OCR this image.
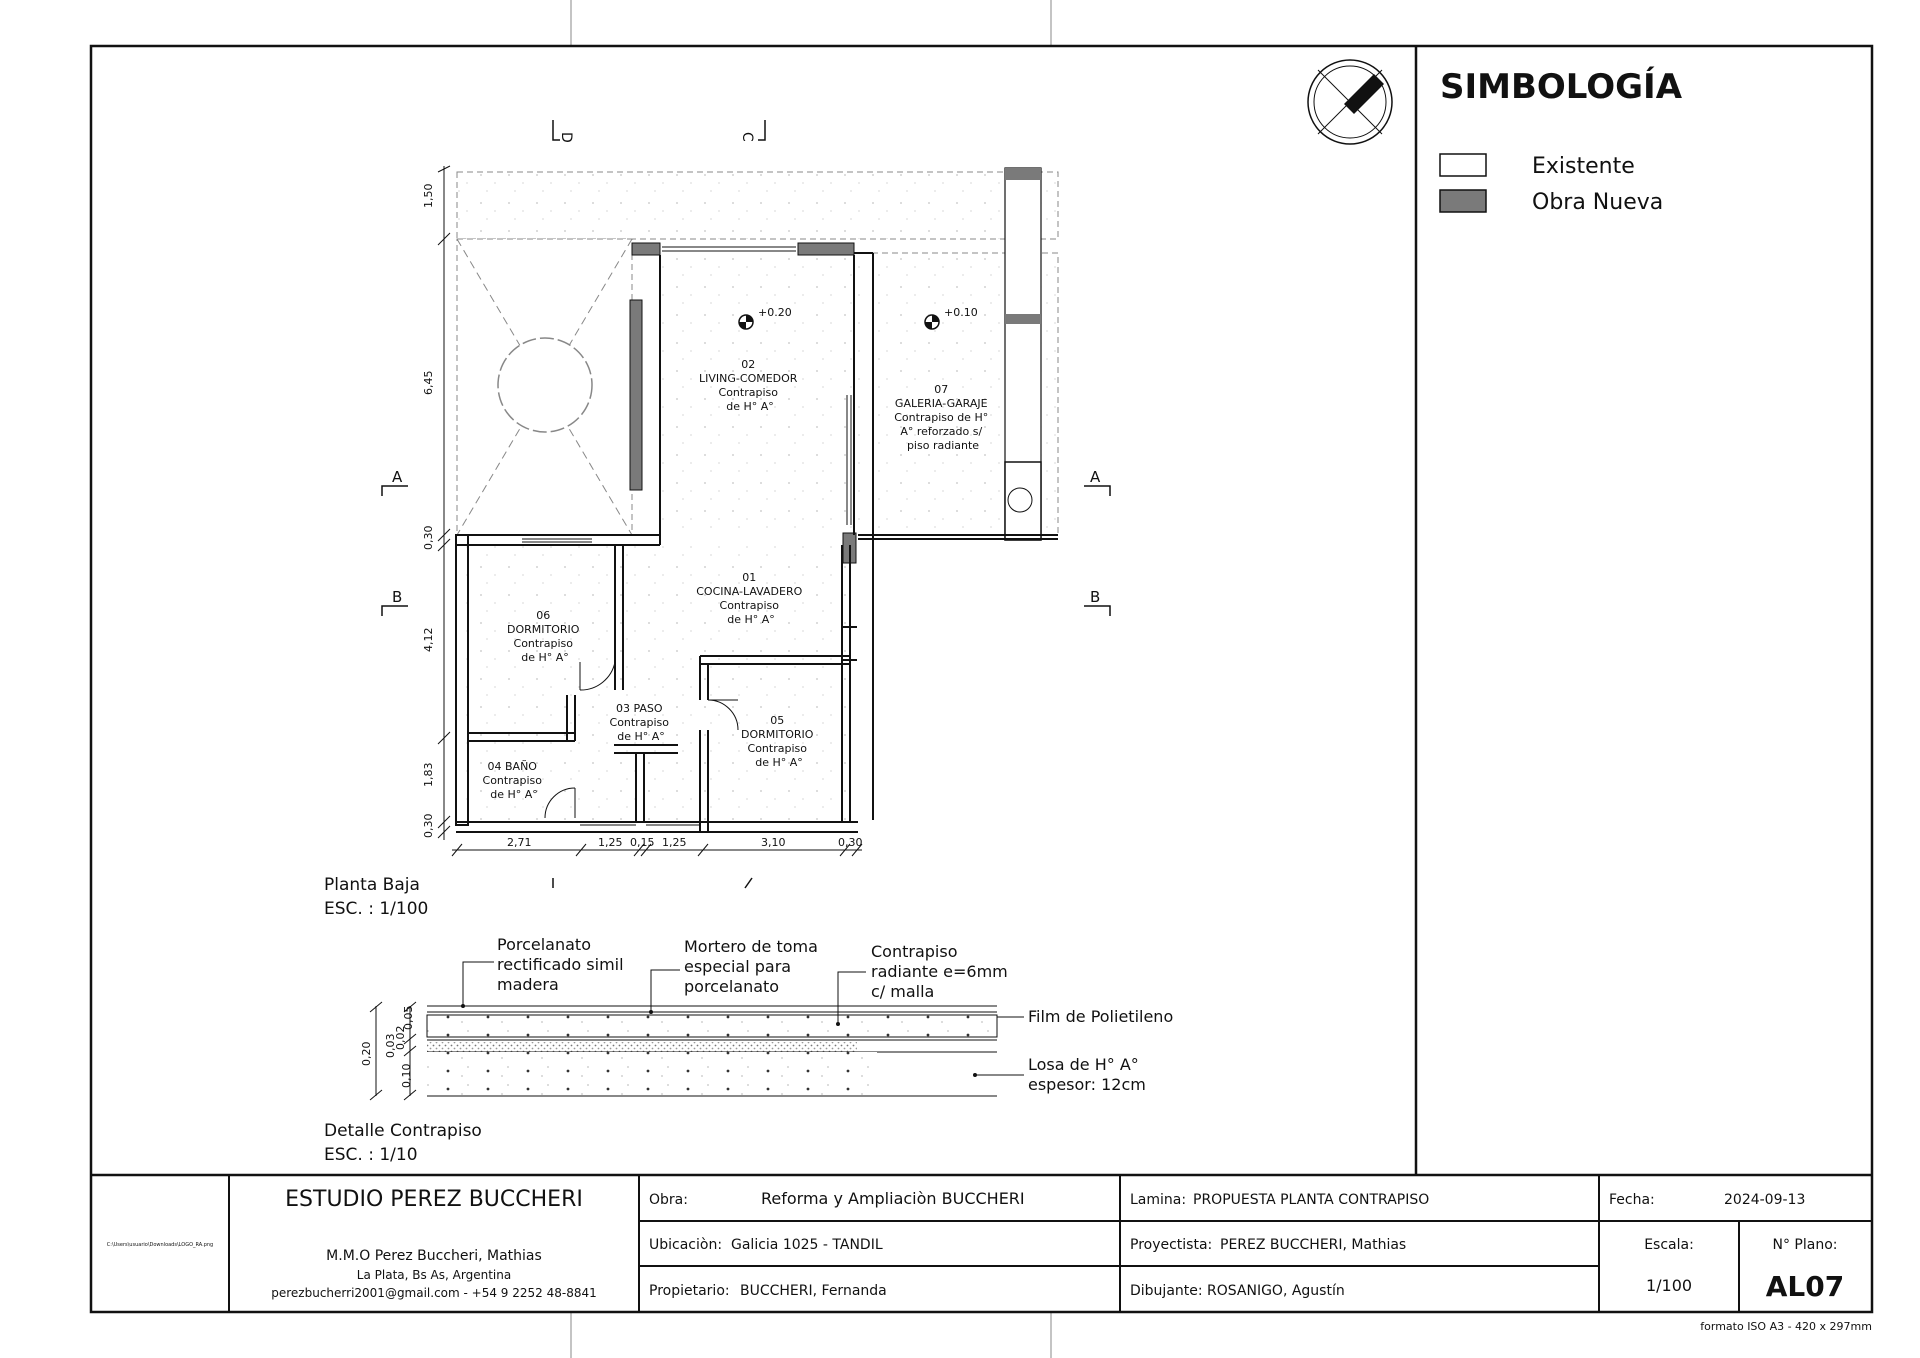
SIMBOLOGÍA
Existente
Obra Nueva
+0.20	+0.10
02 LIVING-COMEDOR Contrapiso de H° A°
07 GALERIA-GARAJE Contrapiso de H° A° reforzado s/ piso radiante
01 COCINA-LAVADERO Contrapiso de H° A°
06 DORMITORIO Contrapiso de H° A°
03 PASO Contrapiso de H° A°
05 DORMITORIO Contrapiso de H° A°
04 BAÑO Contrapiso de H° A°
D	C
A	A
B	B
1,50
6,45
0,30
4,12
1,83
0,30
2,71	1,25 0,15 1,25	3,10	0,30
Planta Baja
ESC. : 1/100
0,20 0,03
0,05
0,10
0,02
Porcelanato rectificado simil madera
Mortero de toma especial para porcelanato
Contrapiso radiante e=6mm c/ malla
Film de Polietileno
Losa de H° A° espesor: 12cm
Detalle Contrapiso
ESC. : 1/10
C:\Users\usuario\Downloads\LOGO_RA.png
ESTUDIO PEREZ BUCCHERI
M.M.O Perez Buccheri, Mathias
La Plata, Bs As, Argentina
perezbucherri2001@gmail.com - +54 9 2252 48-8841
Obra:	Reforma y Ampliaciòn BUCCHERI
Ubicaciòn: Galicia 1025 - TANDIL
Propietario: BUCCHERI, Fernanda
Lamina: PROPUESTA PLANTA CONTRAPISO
Proyectista: PEREZ BUCCHERI, Mathias
Dibujante: ROSANIGO, Agustín
Fecha:	2024-09-13
Escala:
1/100
N° Plano:
AL07
formato ISO A3 - 420 x 297mm
